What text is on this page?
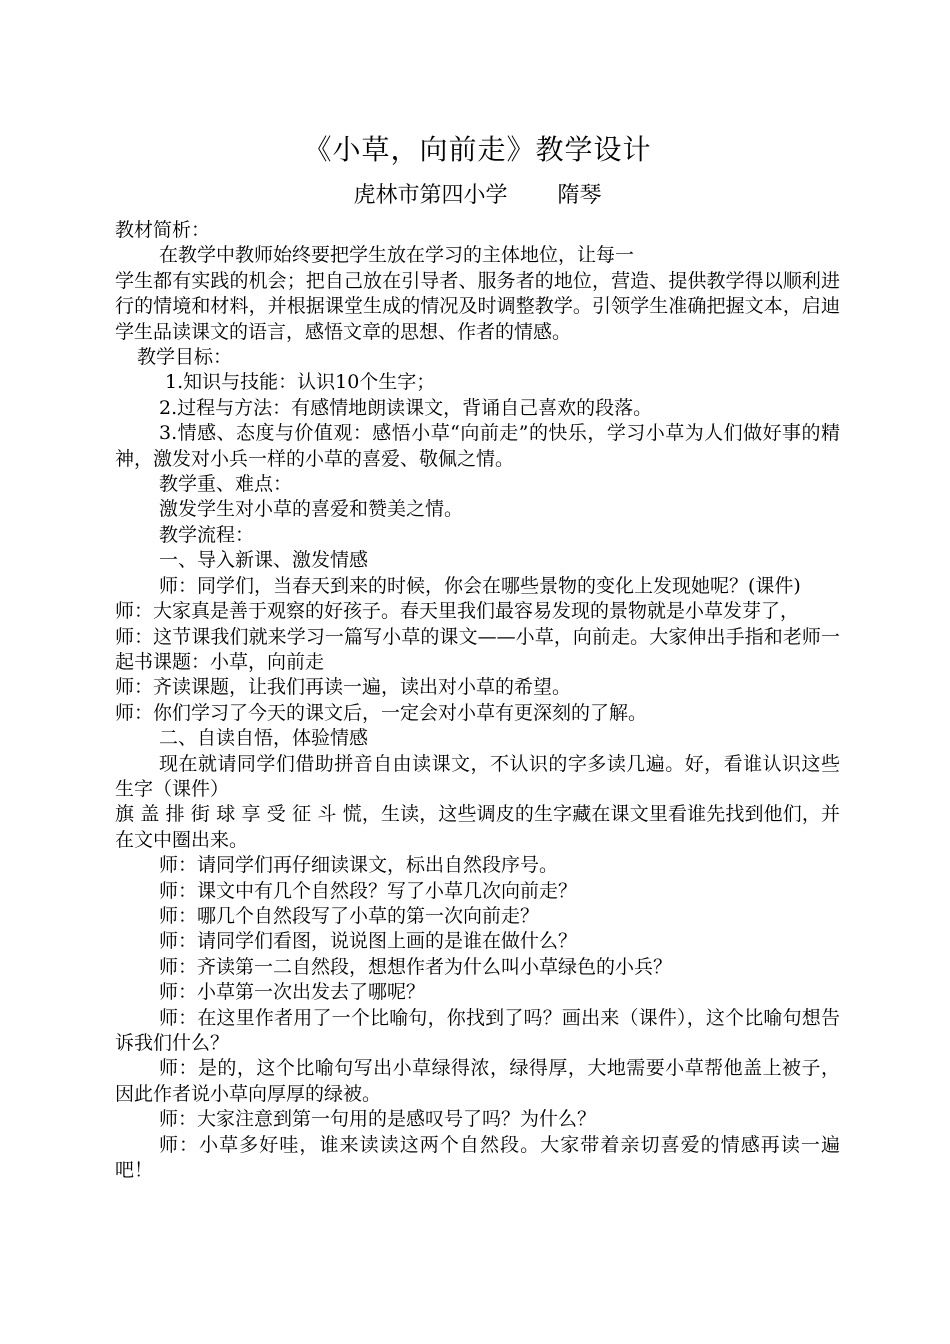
《小草，向前走》教学设计
虎林市第四小学 隋琴

教材简析：

在教学中教师始终要把学生放在学习的主体地位，让每一

学生都有实践的机会；把自己放在引导者、服务者的地位，营造、提供教学得以顺利进行的情境和材料，并根据课堂生成的情况及时调整教学。引领学生准确把握文本，启迪学生品读课文的语言，感悟文章的思想、作者的情感。

教学目标：

1.知识与技能：认识10个生字；

2.过程与方法：有感情地朗读课文，背诵自己喜欢的段落。

3.情感、态度与价值观：感悟小草“向前走”的快乐，学习小草为人们做好事的精神，激发对小兵一样的小草的喜爱、敬佩之情。

教学重、难点：

激发学生对小草的喜爱和赞美之情。

教学流程：

一、导入新课、激发情感

师：同学们，当春天到来的时候，你会在哪些景物的变化上发现她呢？(课件)

师：大家真是善于观察的好孩子。春天里我们最容易发现的景物就是小草发芽了，

师：这节课我们就来学习一篇写小草的课文——小草，向前走。大家伸出手指和老师一起书课题：小草，向前走

师：齐读课题，让我们再读一遍，读出对小草的希望。

师：你们学习了今天的课文后，一定会对小草有更深刻的了解。

二、自读自悟，体验情感

现在就请同学们借助拼音自由读课文，不认识的字多读几遍。好，看谁认识这些生字（课件）

旗 盖 排 街 球 享 受 征 斗 慌，生读，这些调皮的生字藏在课文里看谁先找到他们，并在文中圈出来。

师：请同学们再仔细读课文，标出自然段序号。

师：课文中有几个自然段？写了小草几次向前走？

师：哪几个自然段写了小草的第一次向前走？

师：请同学们看图，说说图上画的是谁在做什么？

师：齐读第一二自然段，想想作者为什么叫小草绿色的小兵？

师：小草第一次出发去了哪呢？

师：在这里作者用了一个比喻句，你找到了吗？画出来（课件），这个比喻句想告诉我们什么？

师：是的，这个比喻句写出小草绿得浓，绿得厚，大地需要小草帮他盖上被子，因此作者说小草向厚厚的绿被。

师：大家注意到第一句用的是感叹号了吗？为什么？

师：小草多好哇，谁来读读这两个自然段。大家带着亲切喜爱的情感再读一遍吧！
